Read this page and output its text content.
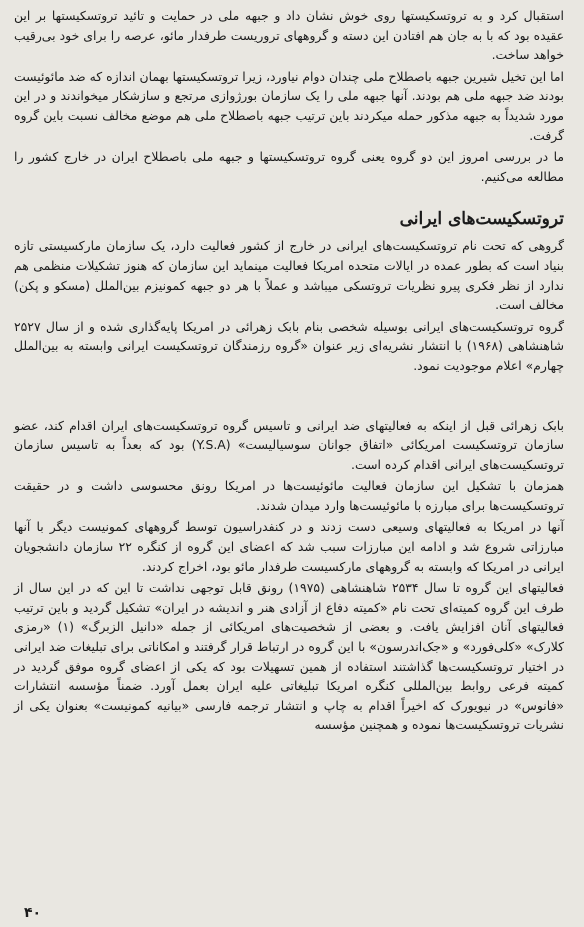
استقبال کرد و به تروتسکیستها روی خوش نشان داد و جبهه ملی در حمایت و تائید تروتسکیستها بر این عقیده بود که با به جان هم افتادن این دسته و گروههای تروریست طرفدار مائو، عرصه را برای خود بی‌رقیب خواهد ساخت.

اما این تخیل شیرین جبهه باصطلاح ملی چندان دوام نیاورد، زیرا تروتسکیستها بهمان اندازه که ضد مائوئیست بودند ضد جبهه ملی هم بودند. آنها جبهه ملی را یک سازمان بورژوازی مرتجع و سازشکار میخواندند و در این مورد شدیداً به جبهه مذکور حمله میکردند باین ترتیب جبهه باصطلاح ملی هم موضع مخالف نسبت باین گروه گرفت.

ما در بررسی امروز این دو گروه یعنی گروه تروتسکیستها و جبهه ملی باصطلاح ایران در خارج کشور را مطالعه می‌کنیم.

تروتسکیست‌های ایرانی

گروهی که تحت نام تروتسکیست‌های ایرانی در خارج از کشور فعالیت دارد، یک سازمان مارکسیستی تازه بنیاد است که بطور عمده در ایالات متحده امریکا فعالیت مینماید این سازمان که هنوز تشکیلات منظمی هم ندارد از نظر فکری پیرو نظریات تروتسکی میباشد و عملاً با هر دو جبهه کمونیزم بین‌الملل (مسکو و پکن) مخالف است.

گروه تروتسکیست‌های ایرانی بوسیله شخصی بنام بابک زهرائی در امریکا پایه‌گذاری شده و از سال ۲۵۲۷ شاهنشاهی (۱۹۶۸) با انتشار نشریه‌ای زیر عنوان «گروه رزمندگان تروتسکیست ایرانی وابسته به بین‌الملل چهارم» اعلام موجودیت نمود.

بابک زهرائی قبل از اینکه به فعالیتهای ضد ایرانی و تاسیس گروه تروتسکیست‌های ایران اقدام کند، عضو سازمان تروتسکیست امریکائی «اتفاق جوانان سوسیالیست» (Y.S.A) بود که بعداً به تاسیس سازمان تروتسکیست‌های ایرانی اقدام کرده است.

همزمان با تشکیل این سازمان فعالیت مائوئیست‌ها در امریکا رونق محسوسی داشت و در حقیقت تروتسکیست‌ها برای مبارزه با مائوئیست‌ها وارد میدان شدند.

آنها در امریکا به فعالیتهای وسیعی دست زدند و در کنفدراسیون توسط گروههای کمونیست دیگر با آنها مبارزاتی شروع شد و ادامه این مبارزات سبب شد که اعضای این گروه از کنگره ۲۲ سازمان دانشجویان ایرانی در امریکا که وابسته به گروههای مارکسیست طرفدار مائو بود، اخراج کردند.

فعالیتهای این گروه تا سال ۲۵۳۴ شاهنشاهی (۱۹۷۵) رونق قابل توجهی نداشت تا این که در این سال از طرف این گروه کمیته‌ای تحت نام «کمیته دفاع از آزادی هنر و اندیشه در ایران» تشکیل گردید و باین ترتیب فعالیتهای آنان افزایش یافت. و بعضی از شخصیت‌های امریکائی از جمله «دانیل الزبرگ» (۱) «رمزی کلارک» «کلی‌فورد» و «جک‌اندرسون» با این گروه در ارتباط قرار گرفتند و امکاناتی برای تبلیغات ضد ایرانی در اختیار تروتسکیست‌ها گذاشتند استفاده از همین تسهیلات بود که یکی از اعضای گروه موفق گردید در کمیته فرعی روابط بین‌المللی کنگره امریکا تبلیغاتی علیه ایران بعمل آورد. ضمناً مؤسسه انتشارات «فانوس» در نیویورک که اخیراً اقدام به چاپ و انتشار ترجمه فارسی «بیانیه کمونیست» بعنوان یکی از نشریات تروتسکیست‌ها نموده و همچنین مؤسسه

۴۰
